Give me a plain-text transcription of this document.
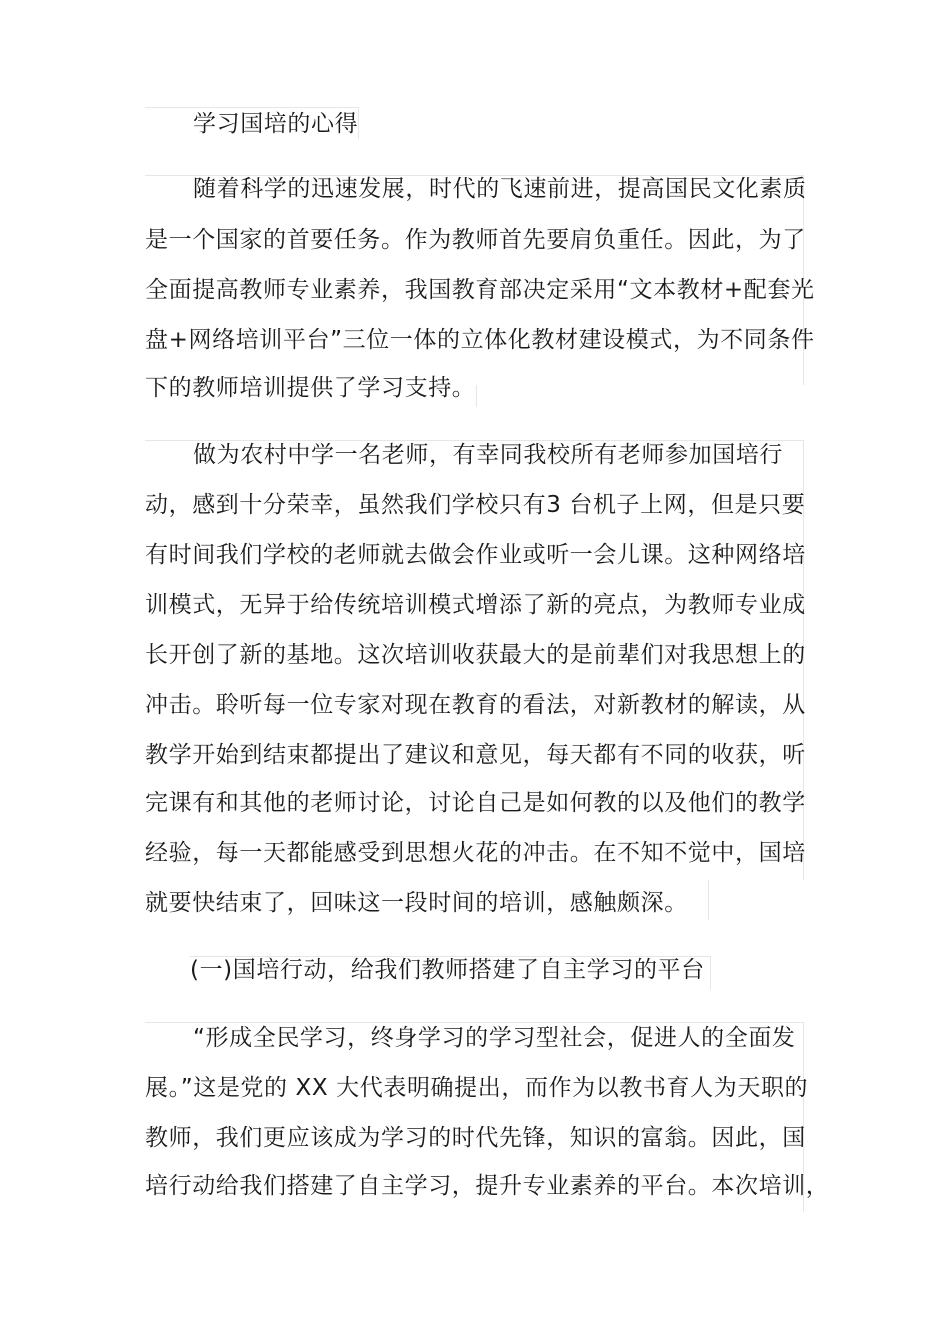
学习国培的心得
随着科学的迅速发展，时代的飞速前进，提高国民文化素质
是一个国家的首要任务。作为教师首先要肩负重任。因此，为了
全面提高教师专业素养，我国教育部决定采用“文本教材+配套光
盘+网络培训平台”三位一体的立体化教材建设模式，为不同条件
下的教师培训提供了学习支持。
做为农村中学一名老师，有幸同我校所有老师参加国培行
动，感到十分荣幸，虽然我们学校只有3 台机子上网，但是只要
有时间我们学校的老师就去做会作业或听一会儿课。这种网络培
训模式，无异于给传统培训模式增添了新的亮点，为教师专业成
长开创了新的基地。这次培训收获最大的是前辈们对我思想上的
冲击。聆听每一位专家对现在教育的看法，对新教材的解读，从
教学开始到结束都提出了建议和意见，每天都有不同的收获，听
完课有和其他的老师讨论，讨论自己是如何教的以及他们的教学
经验，每一天都能感受到思想火花的冲击。在不知不觉中，国培
就要快结束了，回味这一段时间的培训，感触颇深。
(一)国培行动，给我们教师搭建了自主学习的平台
“形成全民学习，终身学习的学习型社会，促进人的全面发
展。”这是党的 XX 大代表明确提出，而作为以教书育人为天职的
教师，我们更应该成为学习的时代先锋，知识的富翁。因此，国
培行动给我们搭建了自主学习，提升专业素养的平台。本次培训，
